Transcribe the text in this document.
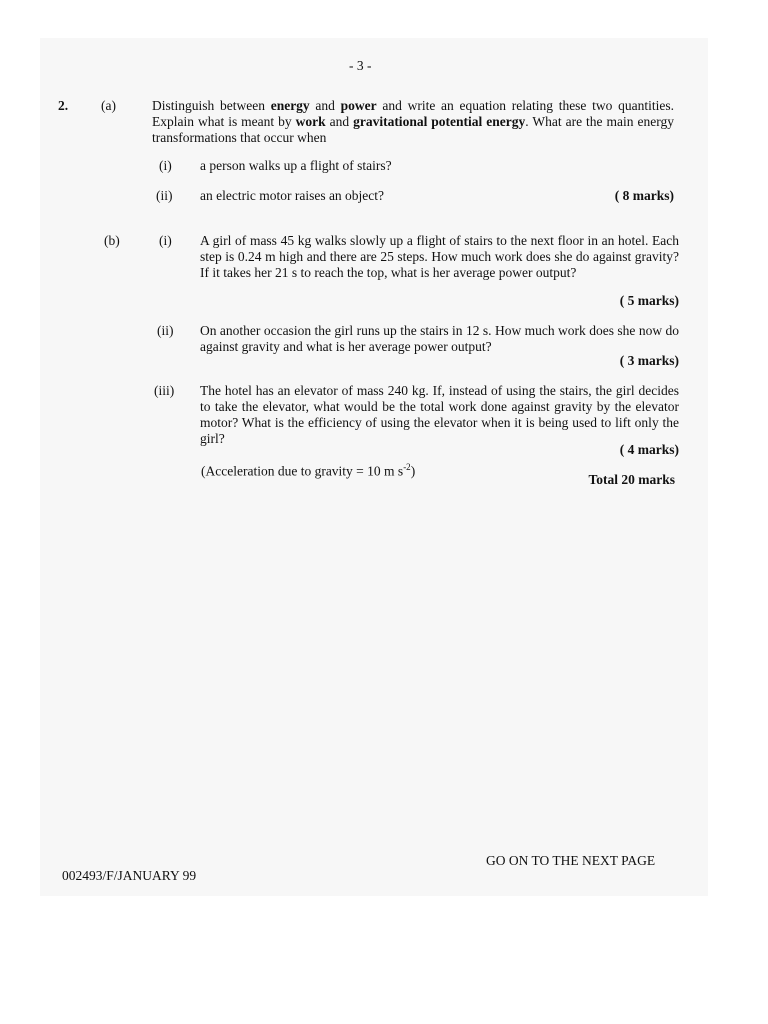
- 3 -
2. (a)	Distinguish between energy and power and write an equation relating these two quantities. Explain what is meant by work and gravitational potential energy. What are the main energy transformations that occur when
(i) a person walks up a flight of stairs?
(ii) an electric motor raises an object?	( 8 marks)
(b)	(i) A girl of mass 45 kg walks slowly up a flight of stairs to the next floor in an hotel. Each step is 0.24 m high and there are 25 steps. How much work does she do against gravity? If it takes her 21 s to reach the top, what is her average power output?
( 5 marks)
(ii) On another occasion the girl runs up the stairs in 12 s. How much work does she now do against gravity and what is her average power output?
( 3 marks)
(iii) The hotel has an elevator of mass 240 kg. If, instead of using the stairs, the girl decides to take the elevator, what would be the total work done against gravity by the elevator motor? What is the efficiency of using the elevator when it is being used to lift only the girl?
( 4 marks)
(Acceleration due to gravity = 10 m $s^{-2}$)
Total 20 marks
GO ON TO THE NEXT PAGE
002493/F/JANUARY 99
